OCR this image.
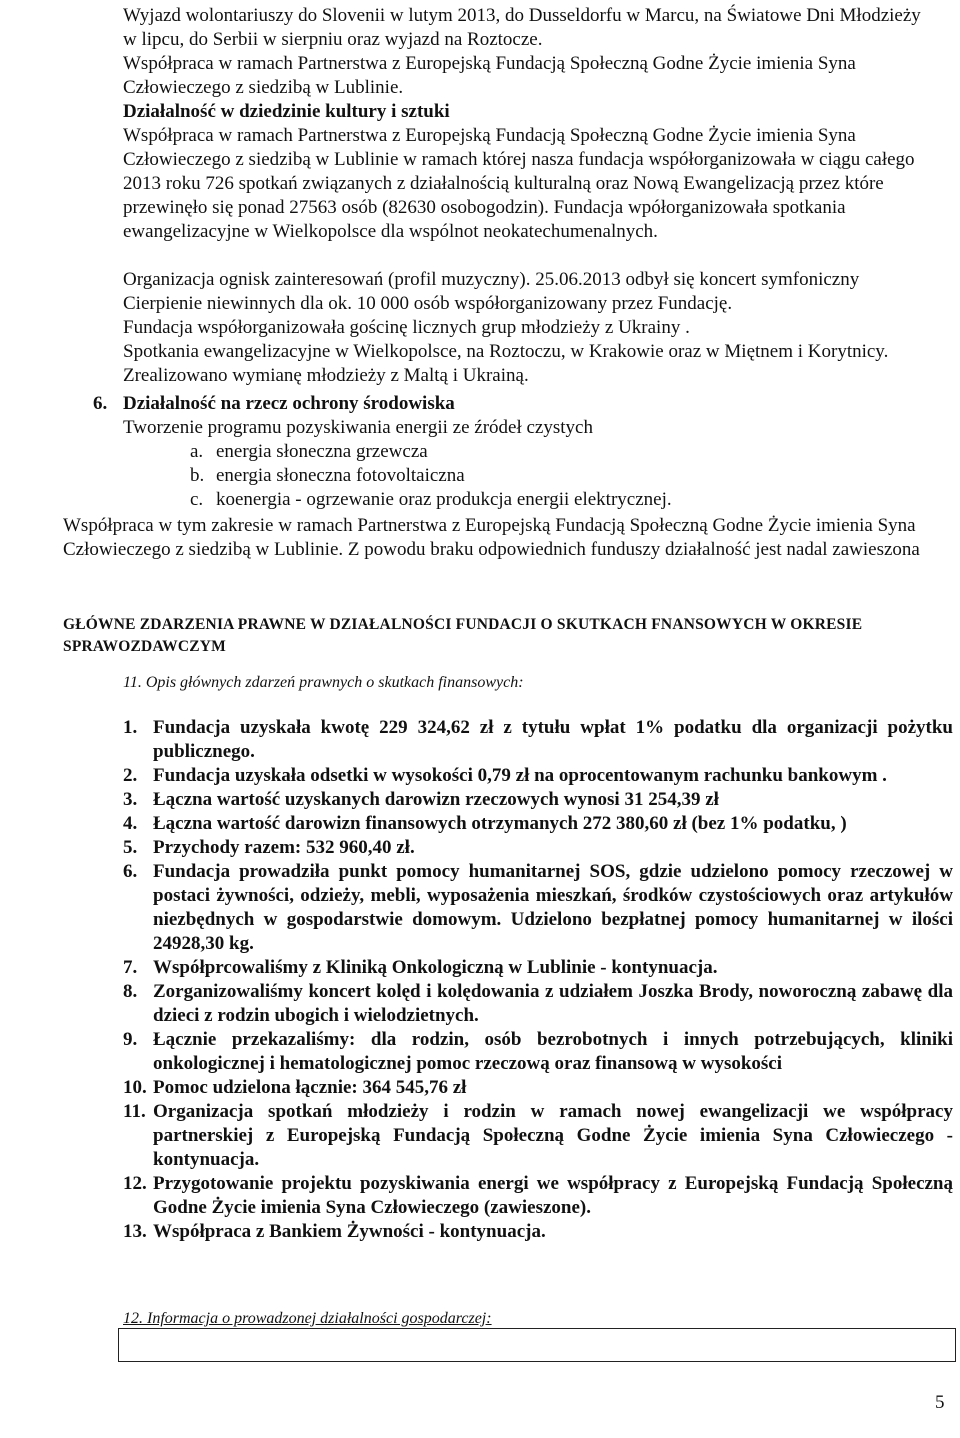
Wyjazd wolontariuszy do Slovenii w lutym 2013, do Dusseldorfu w Marcu, na Światowe Dni Młodzieży w lipcu, do Serbii w sierpniu oraz wyjazd na Roztocze.

Współpraca w ramach Partnerstwa z Europejską Fundacją Społeczną Godne Życie imienia Syna Człowieczego z siedzibą w Lublinie.

Działalność w dziedzinie kultury i sztuki

Współpraca w ramach Partnerstwa z Europejską Fundacją Społeczną Godne Życie imienia Syna Człowieczego z siedzibą w Lublinie w ramach której nasza fundacja współorganizowała w ciągu całego 2013 roku 726 spotkań związanych z działalnością kulturalną oraz Nową Ewangelizacją przez które przewinęło się ponad 27563 osób (82630 osobogodzin). Fundacja wpółorganizowała spotkania ewangelizacyjne w Wielkopolsce dla wspólnot neokatechumenalnych.

Organizacja ognisk zainteresowań (profil muzyczny). 25.06.2013 odbył się koncert symfoniczny Cierpienie niewinnych dla ok. 10 000 osób współorganizowany przez Fundację.

Fundacja współorganizowała gościnę licznych grup młodzieży z Ukrainy .

Spotkania ewangelizacyjne w Wielkopolsce, na Roztoczu, w Krakowie oraz w Miętnem i Korytnicy. Zrealizowano wymianę młodzieży z Maltą i Ukrainą.

6. Działalność na rzecz ochrony środowiska

Tworzenie programu pozyskiwania energii ze źródeł czystych

a. energia słoneczna grzewcza
b. energia słoneczna fotovoltaiczna
c. koenergia - ogrzewanie oraz produkcja energii elektrycznej.

Współpraca w tym zakresie w ramach Partnerstwa z Europejską Fundacją Społeczną Godne Życie imienia Syna Człowieczego z siedzibą w Lublinie. Z powodu braku odpowiednich funduszy działalność jest nadal zawieszona

GŁÓWNE ZDARZENIA PRAWNE W DZIAŁALNOŚCI FUNDACJI O SKUTKACH FNANSOWYCH W OKRESIE SPRAWOZDAWCZYM
11. Opis głównych zdarzeń prawnych o skutkach finansowych:
1. Fundacja uzyskała kwotę 229 324,62 zł z tytułu wpłat 1% podatku dla organizacji pożytku publicznego.
2. Fundacja uzyskała odsetki w wysokości 0,79 zł na oprocentowanym rachunku bankowym .
3. Łączna wartość uzyskanych darowizn rzeczowych wynosi 31 254,39 zł
4. Łączna wartość darowizn finansowych otrzymanych 272 380,60 zł (bez 1% podatku, )
5. Przychody razem: 532 960,40 zł.
6. Fundacja prowadziła punkt pomocy humanitarnej SOS, gdzie udzielono pomocy rzeczowej w postaci żywności, odzieży, mebli, wyposażenia mieszkań, środków czystościowych oraz artykułów niezbędnych w gospodarstwie domowym. Udzielono bezpłatnej pomocy humanitarnej w ilości 24928,30 kg.
7. Współprcowaliśmy z Kliniką Onkologiczną w Lublinie - kontynuacja.
8. Zorganizowaliśmy koncert kolęd i kolędowania z udziałem Joszka Brody, noworoczną zabawę dla dzieci z rodzin ubogich i wielodzietnych.
9. Łącznie przekazaliśmy: dla rodzin, osób bezrobotnych i innych potrzebujących, kliniki onkologicznej i hematologicznej pomoc rzeczową oraz finansową w wysokości
10. Pomoc udzielona łącznie: 364 545,76 zł
11. Organizacja spotkań młodzieży i rodzin w ramach nowej ewangelizacji we współpracy partnerskiej z Europejską Fundacją Społeczną Godne Życie imienia Syna Człowieczego - kontynuacja.
12. Przygotowanie projektu pozyskiwania energi we współpracy z Europejską Fundacją Społeczną Godne Życie imienia Syna Człowieczego (zawieszone).
13. Współpraca z Bankiem Żywności - kontynuacja.
12. Informacja o prowadzonej działalności gospodarczej:
5
